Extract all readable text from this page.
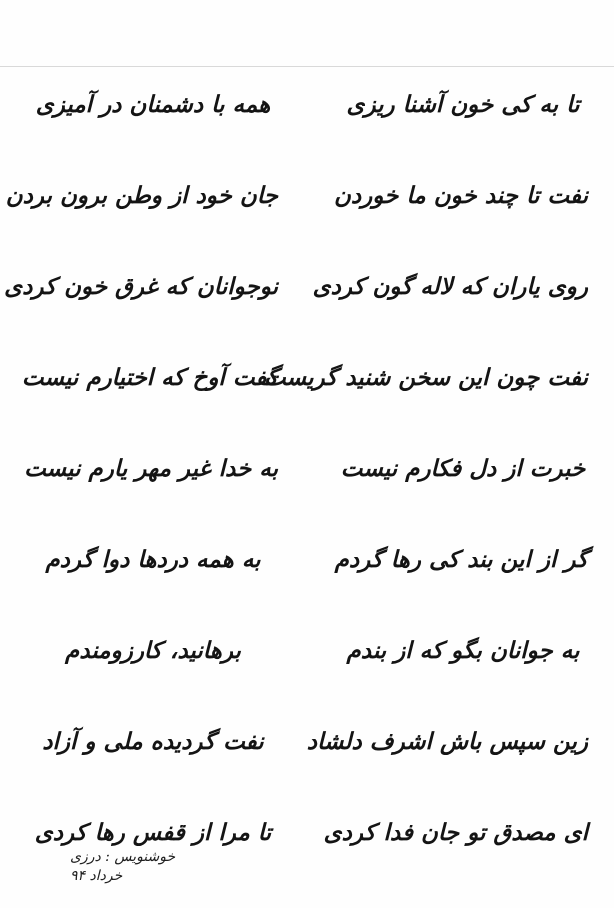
تا به کی خون آشنا ریزی
همه با دشمنان در آمیزی
نفت تا چند خون ما خوردن
جان خود از وطن برون بردن
روی یاران که لاله گون کردی
نوجوانان که غرق خون کردی
نفت چون این سخن شنید گریست
گفت آوخ که اختیارم نیست
خبرت از دل فکارم نیست
به خدا غیر مهر یارم نیست
گر از این بند کی رها گردم
به همه دردها دوا گردم
به جوانان بگو که از بندم
برهانید، کارزومندم
زین سپس باش اشرف دلشاد
نفت گردیده ملی و آزاد
ای مصدق تو جان فدا کردی
تا مرا از قفس رها کردی
خوشنویس : درزی
خرداد ۹۴
